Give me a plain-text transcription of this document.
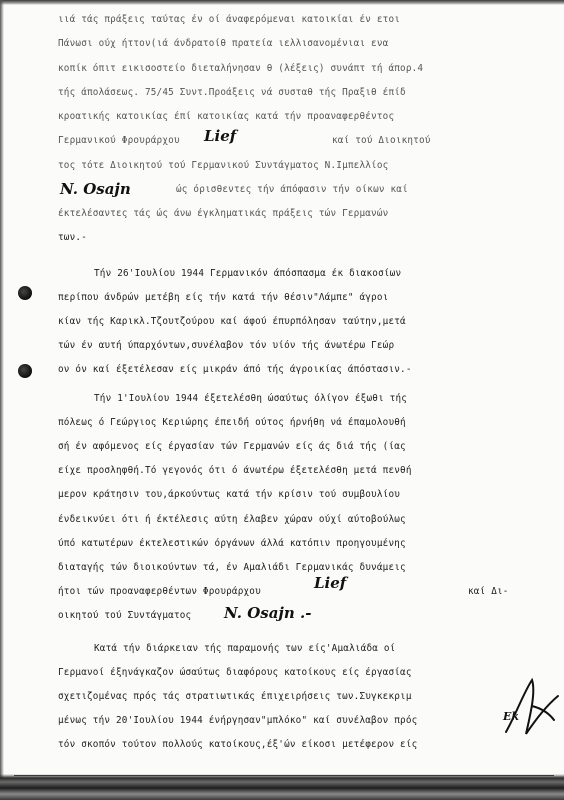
ιιά τάς πράξεις ταύτας έν οί άναφερόμεναι κατοικίαι έν ετοι
Πάνωσι ούχ ήττον(ιά άνδρατοίθ πρατεία ιελλισανομένιαι ενα
κοπίκ όπιτ εικισοστείο διεταλήνησαν θ (λέξεις) συνάπτ τή άπορ.4
τής άπολάσεως. 75/45 Συντ.Προάξεις νά συσταθ τής Πραξιθ έπίδ
κροατικής κατοικίας έπί κατοικίας κατά τήν προαναφερθέντος
Γερμανικού Φρουράρχου Lief	καί τού Διοικητού
τος τότε Διοικητού τού Γερμανικού Συντάγματος Ν.Ιμπελλίος
N. Osajn	ώς όρισθεντες τήν άπόφασιν τήν οίκων καί
έκτελέσαντες τάς ώς άνω έγκληματικάς πράξεις τών Γερμανών
των.-
Τήν 26'Ιουλίου 1944 Γερμανικόν άπόσπασμα έκ διακοσίων
περίπου άνδρών μετέβη είς τήν κατά τήν θέσιν"Λάμπε" άγροι
κίαν τής Καρικλ.Τζουτζούρου καί άφού έπυρπόλησαν ταύτην,μετά
τών έν αυτή ύπαρχόντων,συνέλαβον τόν υίόν τής άνωτέρω Γεώρ
ον όν καί έξετέλεσαν είς μικράν άπό τής άγροικίας άπόστασιν.-
Τήν 1'Ιουλίου 1944 έξετελέσθη ώσαύτως όλίγον έξωθι τής
πόλεως ό Γεώργιος Κεριώρης έπειδή ούτος ήρνήθη νά έπαμολουθή
σή έν αφόμενος είς έργασίαν τών Γερμανών είς άς διά τής (ίας
είχε προσληφθή.Τό γεγονός ότι ό άνωτέρω έξετελέσθη μετά πενθή
μερον κράτησιν του,άρκούντως κατά τήν κρίσιν τού συμβουλίου
ένδεικνύει ότι ή έκτέλεσις αύτη έλαβεν χώραν ούχί αύτοβούλως
ύπό κατωτέρων έκτελεστικών όργάνων άλλά κατόπιν προηγουμένης
διαταγής τών διοικούντων τά, έν Αμαλιάδι Γερμανικάς δυνάμεις
ήτοι τών προαναφερθέντων Φρουράρχου	Lief	καί Δι-
οικητού τού Συντάγματος N. Osajn .-
Κατά τήν διάρκειαν τής παραμονής των είς'Αμαλιάδα οί
Γερμανοί έξηνάγκαζον ώσαύτως διαφόρους κατοίκους είς έργασίας
σχετιζομένας πρός τάς στρατιωτικάς έπιχειρήσεις των.Συγκεκριμ
μένως τήν 20'Ιουλίου 1944 ένήργησαν"μπλόκο" καί συνέλαβον πρός
τόν σκοπόν τούτον πολλούς κατοίκους,έξ'ών είκοσι μετέφερον είς
Ek
